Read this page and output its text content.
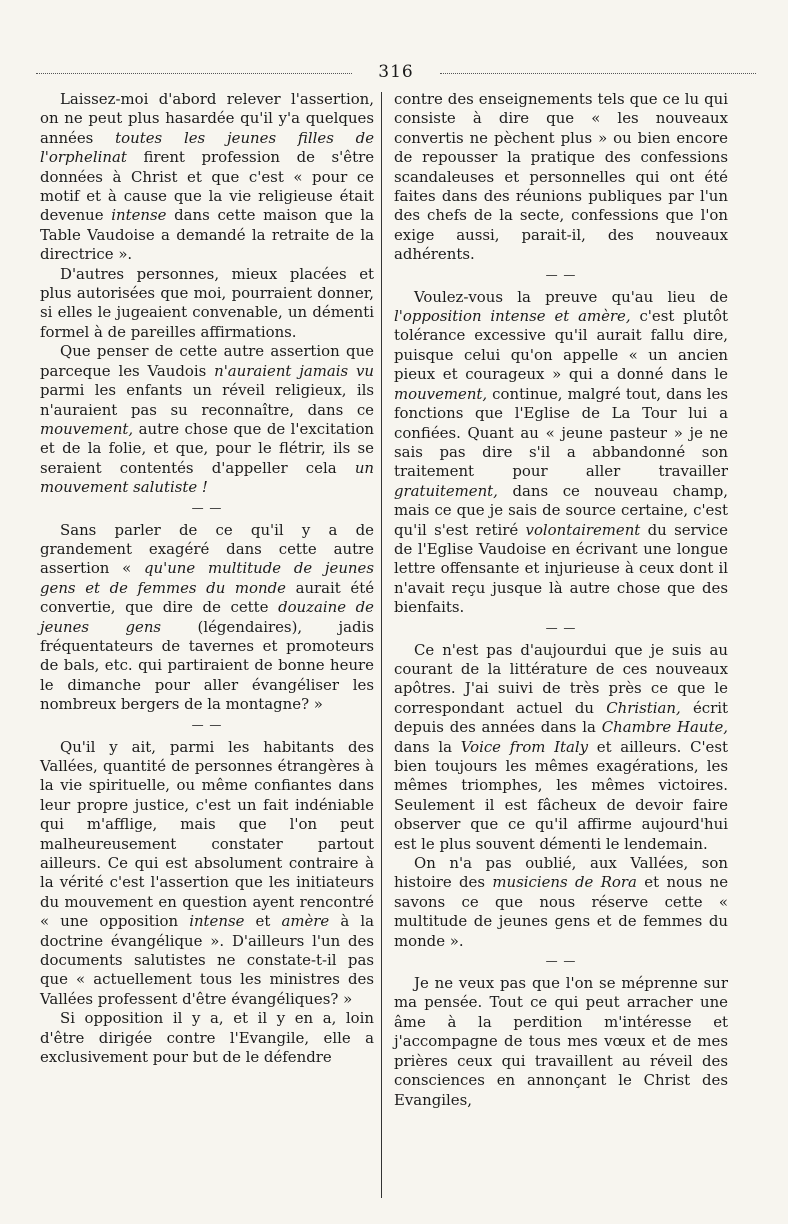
316

Laissez-moi d'abord relever l'assertion, on ne peut plus hasardée qu'il y'a quelques années toutes les jeunes filles de l'orphelinat firent profession de s'être données à Christ et que c'est « pour ce motif et à cause que la vie religieuse était devenue intense dans cette maison que la Table Vaudoise a demandé la retraite de la directrice ».

D'autres personnes, mieux placées et plus autorisées que moi, pourraient donner, si elles le jugeaient convenable, un démenti formel à de pareilles affirmations.

Que penser de cette autre assertion que parceque les Vaudois n'auraient jamais vu parmi les enfants un réveil religieux, ils n'auraient pas su reconnaître, dans ce mouvement, autre chose que de l'excitation et de la folie, et que, pour le flétrir, ils se seraient contentés d'appeller cela un mouvement salutiste !

— —

Sans parler de ce qu'il y a de grandement exagéré dans cette autre assertion « qu'une multitude de jeunes gens et de femmes du monde aurait été convertie, que dire de cette douzaine de jeunes gens (légendaires), jadis fréquentateurs de tavernes et promoteurs de bals, etc. qui partiraient de bonne heure le dimanche pour aller évangéliser les nombreux bergers de la montagne? »

— —

Qu'il y ait, parmi les habitants des Vallées, quantité de personnes étrangères à la vie spirituelle, ou même confiantes dans leur propre justice, c'est un fait indéniable qui m'afflige, mais que l'on peut malheureusement constater partout ailleurs. Ce qui est absolument contraire à la vérité c'est l'assertion que les initiateurs du mouvement en question ayent rencontré « une opposition intense et amère à la doctrine évangélique ». D'ailleurs l'un des documents salutistes ne constate-t-il pas que « actuellement tous les ministres des Vallées professent d'être évangéliques? »

Si opposition il y a, et il y en a, loin d'être dirigée contre l'Evangile, elle a exclusivement pour but de le défendre

contre des enseignements tels que ce lu qui consiste à dire que « les nouveaux convertis ne pèchent plus » ou bien encore de repousser la pratique des confessions scandaleuses et personnelles qui ont été faites dans des réunions publiques par l'un des chefs de la secte, confessions que l'on exige aussi, parait-il, des nouveaux adhérents.

— —

Voulez-vous la preuve qu'au lieu de l'opposition intense et amère, c'est plutôt tolérance excessive qu'il aurait fallu dire, puisque celui qu'on appelle « un ancien pieux et courageux » qui a donné dans le mouvement, continue, malgré tout, dans les fonctions que l'Eglise de La Tour lui a confiées. Quant au « jeune pasteur » je ne sais pas dire s'il a abbandonné son traitement pour aller travailler gratuitement, dans ce nouveau champ, mais ce que je sais de source certaine, c'est qu'il s'est retiré volontairement du service de l'Eglise Vaudoise en écrivant une longue lettre offensante et injurieuse à ceux dont il n'avait reçu jusque là autre chose que des bienfaits.

— —

Ce n'est pas d'aujourdui que je suis au courant de la littérature de ces nouveaux apôtres. J'ai suivi de très près ce que le correspondant actuel du Christian, écrit depuis des années dans la Chambre Haute, dans la Voice from Italy et ailleurs. C'est bien toujours les mêmes exagérations, les mêmes triomphes, les mêmes victoires. Seulement il est fâcheux de devoir faire observer que ce qu'il affirme aujourd'hui est le plus souvent démenti le lendemain.

On n'a pas oublié, aux Vallées, son histoire des musiciens de Rora et nous ne savons ce que nous réserve cette « multitude de jeunes gens et de femmes du monde ».

— —

Je ne veux pas que l'on se méprenne sur ma pensée. Tout ce qui peut arracher une âme à la perdition m'intéresse et j'accompagne de tous mes vœux et de mes prières ceux qui travaillent au réveil des consciences en annonçant le Christ des Evangiles,
